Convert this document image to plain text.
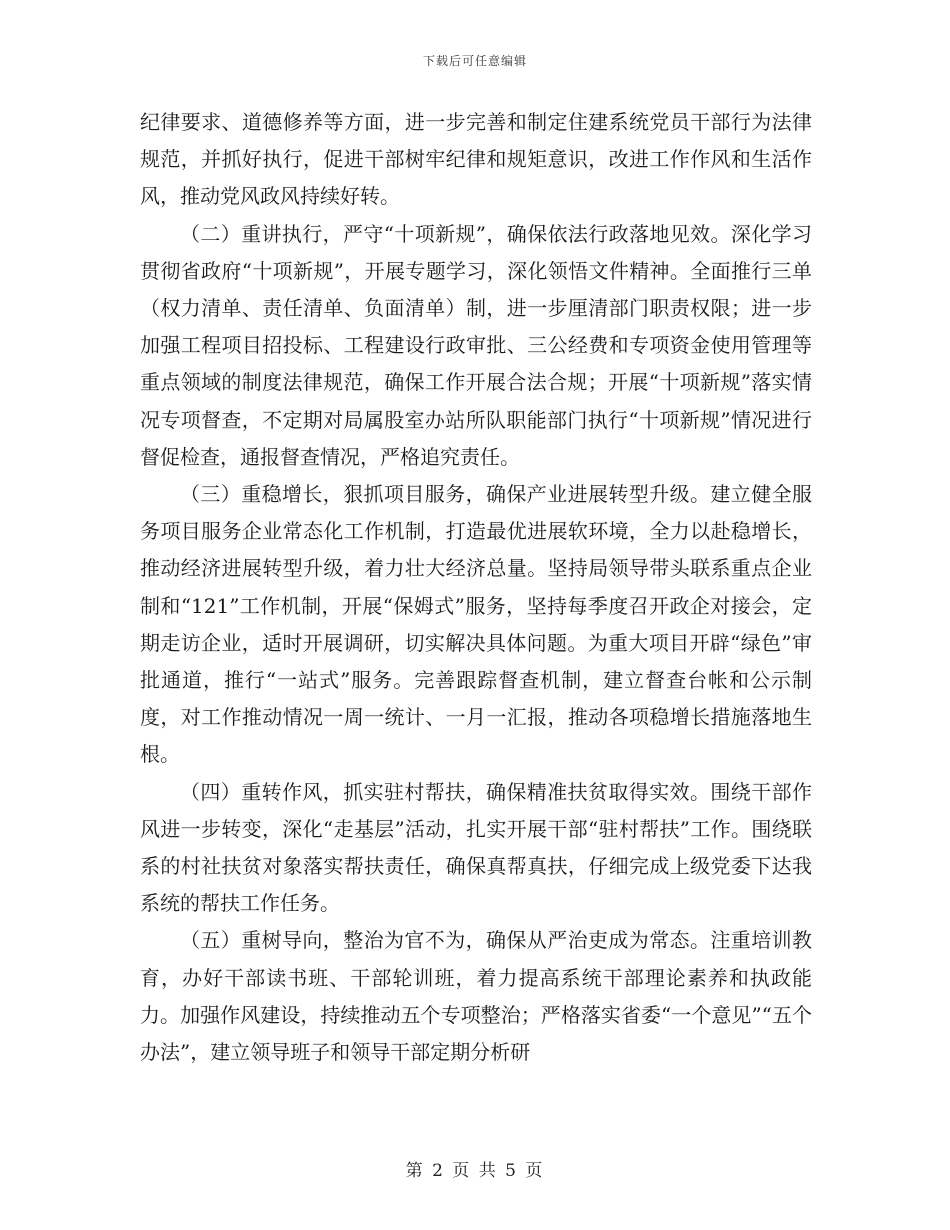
下载后可任意编辑

纪律要求、道德修养等方面，进一步完善和制定住建系统党员干部行为法律规范，并抓好执行，促进干部树牢纪律和规矩意识，改进工作作风和生活作风，推动党风政风持续好转。

（二）重讲执行，严守“十项新规”，确保依法行政落地见效。深化学习贯彻省政府“十项新规”，开展专题学习，深化领悟文件精神。全面推行三单（权力清单、责任清单、负面清单）制，进一步厘清部门职责权限；进一步加强工程项目招投标、工程建设行政审批、三公经费和专项资金使用管理等重点领域的制度法律规范，确保工作开展合法合规；开展“十项新规”落实情况专项督查，不定期对局属股室办站所队职能部门执行“十项新规”情况进行督促检查，通报督查情况，严格追究责任。

（三）重稳增长，狠抓项目服务，确保产业进展转型升级。建立健全服务项目服务企业常态化工作机制，打造最优进展软环境，全力以赴稳增长，推动经济进展转型升级，着力壮大经济总量。坚持局领导带头联系重点企业制和“121”工作机制，开展“保姆式”服务，坚持每季度召开政企对接会，定期走访企业，适时开展调研，切实解决具体问题。为重大项目开辟“绿色”审批通道，推行“一站式”服务。完善跟踪督查机制，建立督查台帐和公示制度，对工作推动情况一周一统计、一月一汇报，推动各项稳增长措施落地生根。

（四）重转作风，抓实驻村帮扶，确保精准扶贫取得实效。围绕干部作风进一步转变，深化“走基层”活动，扎实开展干部“驻村帮扶”工作。围绕联系的村社扶贫对象落实帮扶责任，确保真帮真扶，仔细完成上级党委下达我系统的帮扶工作任务。

（五）重树导向，整治为官不为，确保从严治吏成为常态。注重培训教育，办好干部读书班、干部轮训班，着力提高系统干部理论素养和执政能力。加强作风建设，持续推动五个专项整治；严格落实省委“一个意见”“五个办法”，建立领导班子和领导干部定期分析研

第 2 页 共 5 页
